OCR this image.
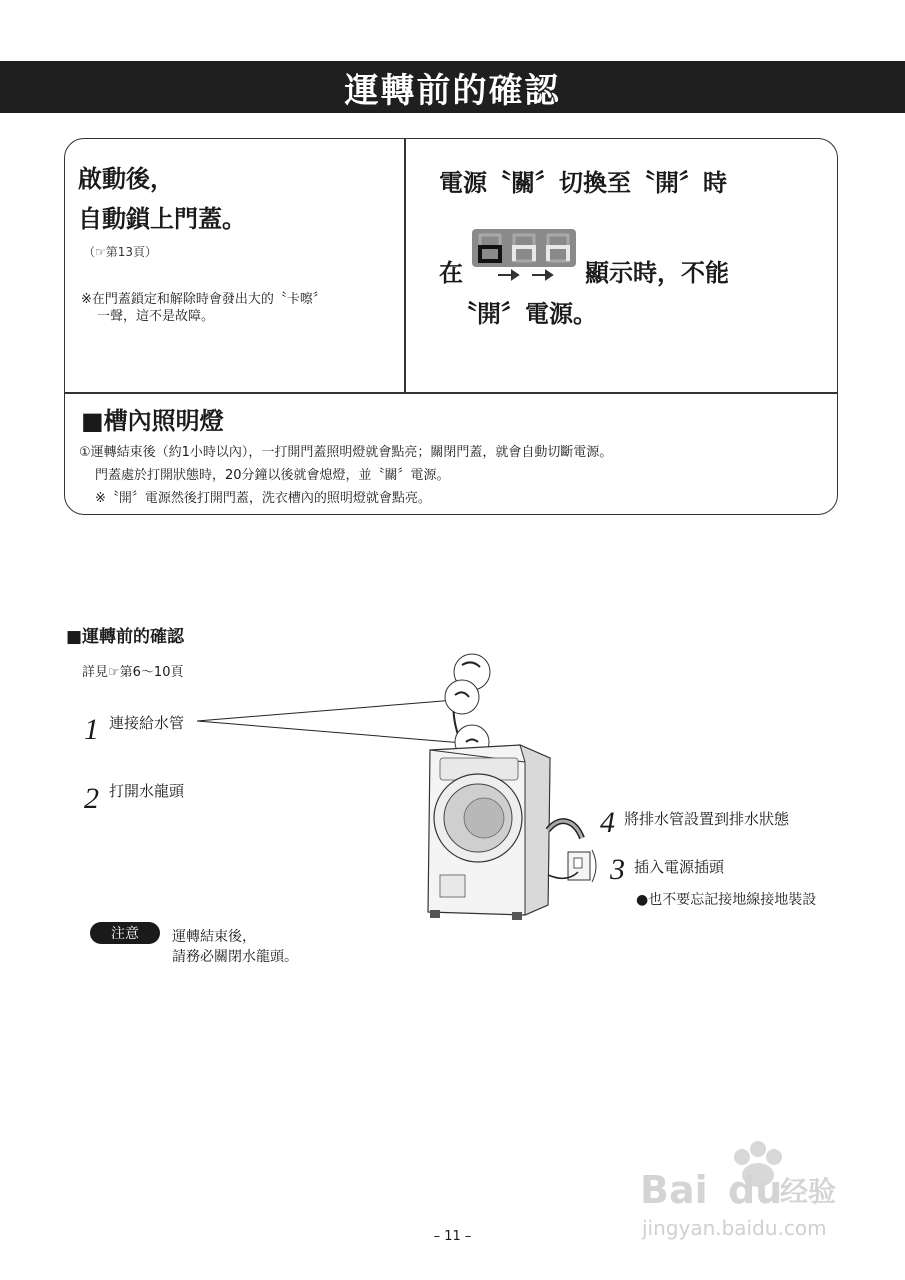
運轉前的確認
啟動後，
自動鎖上門蓋。
（☞第13頁）
※在門蓋鎖定和解除時會發出大的〝卡嚓〞
一聲，這不是故障。
電源〝關〞切換至〝開〞時
在	顯示時，不能
〝開〞電源。
■槽內照明燈
①運轉結束後（約1小時以內），一打開門蓋照明燈就會點亮；關閉門蓋，就會自動切斷電源。
門蓋處於打開狀態時，20分鐘以後就會熄燈，並〝關〞電源。
※〝開〞電源然後打開門蓋，洗衣槽內的照明燈就會點亮。
■運轉前的確認
詳見☞第6～10頁
1 連接給水管
2 打開水龍頭
4 將排水管設置到排水狀態
3 插入電源插頭
●也不要忘記接地線接地裝設
注意	運轉結束後，
請務必關閉水龍頭。
– 11 –
Bai du
经验
jingyan.baidu.com
